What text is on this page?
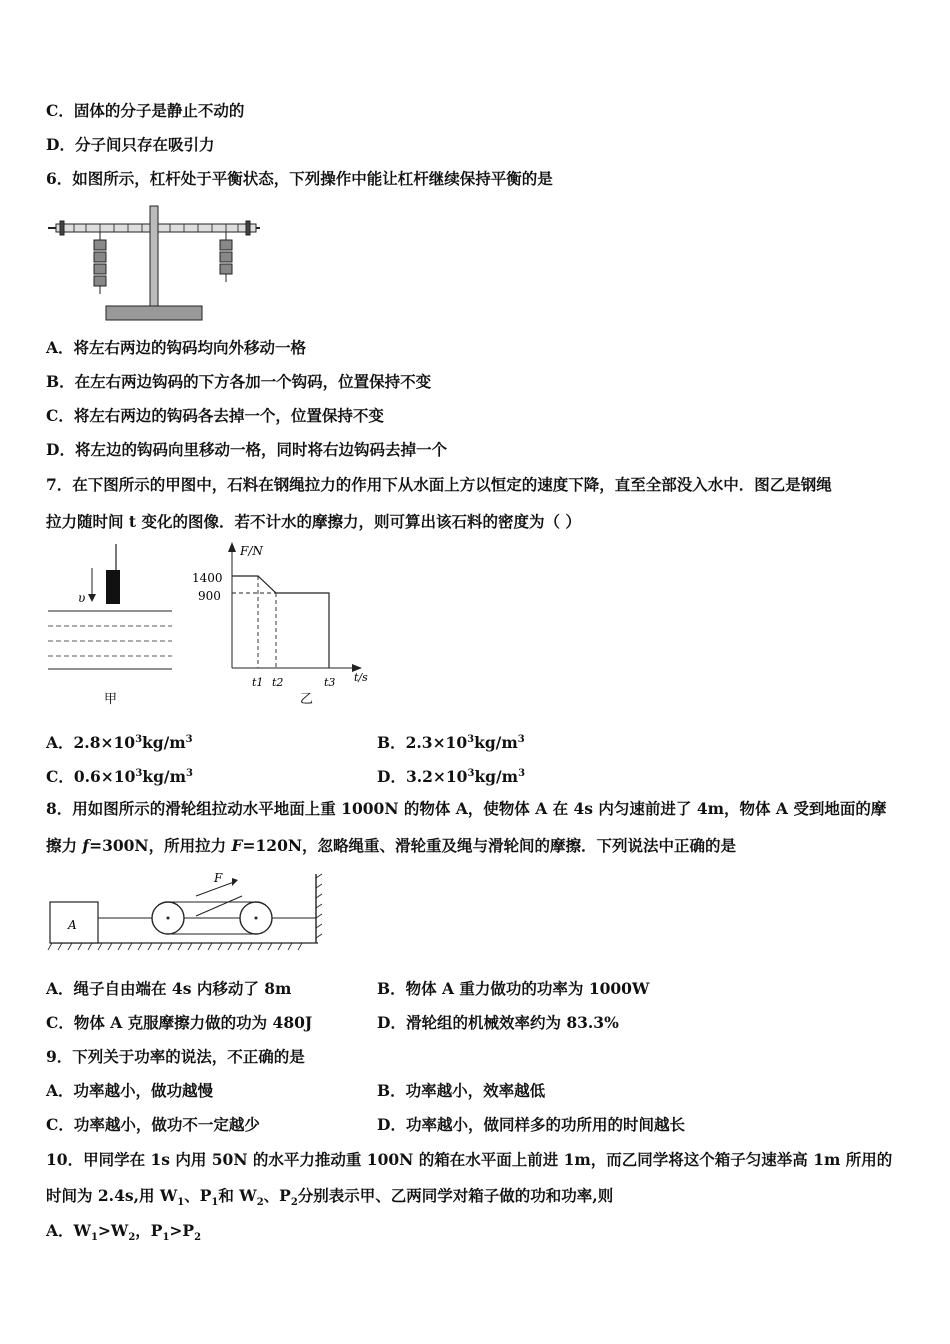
C．固体的分子是静止不动的
D．分子间只存在吸引力
6．如图所示，杠杆处于平衡状态，下列操作中能让杠杆继续保持平衡的是
A．将左右两边的钩码均向外移动一格
B．在左右两边钩码的下方各加一个钩码，位置保持不变
C．将左右两边的钩码各去掉一个，位置保持不变
D．将左边的钩码向里移动一格，同时将右边钩码去掉一个
7．在下图所示的甲图中，石料在钢绳拉力的作用下从水面上方以恒定的速度下降，直至全部没入水中．图乙是钢绳
拉力随时间 t 变化的图像．若不计水的摩擦力，则可算出该石料的密度为（ ）
υ
甲
F/N
t/s
1400
900
t1 t2	t3
乙
A．$2.8\times 10^3kg/m^3$	B．$2.3\times 10^3kg/m^3$
C．$0.6\times 10^3kg/m^3$	D．$3.2\times 10^3kg/m^3$
8．用如图所示的滑轮组拉动水平地面上重 1000N 的物体 A，使物体 A 在 4s 内匀速前进了 4m，物体 A 受到地面的摩
擦力 f=300N，所用拉力 F=120N，忽略绳重、滑轮重及绳与滑轮间的摩擦．下列说法中正确的是
A
F
A．绳子自由端在 4s 内移动了 8m	B．物体 A 重力做功的功率为 1000W
C．物体 A 克服摩擦力做的功为 480J	D．滑轮组的机械效率约为 83.3%
9．下列关于功率的说法，不正确的是
A．功率越小，做功越慢	B．功率越小，效率越低
C．功率越小，做功不一定越少	D．功率越小，做同样多的功所用的时间越长
10．甲同学在 1s 内用 50N 的水平力推动重 100N 的箱在水平面上前进 1m，而乙同学将这个箱子匀速举高 1m 所用的
时间为 2.4s,用 $W_1$、$P_1$和 $W_2$、$P_2$分别表示甲、乙两同学对箱子做的功和功率,则
A．$W_1>W_2$，$P_1>P_2$
